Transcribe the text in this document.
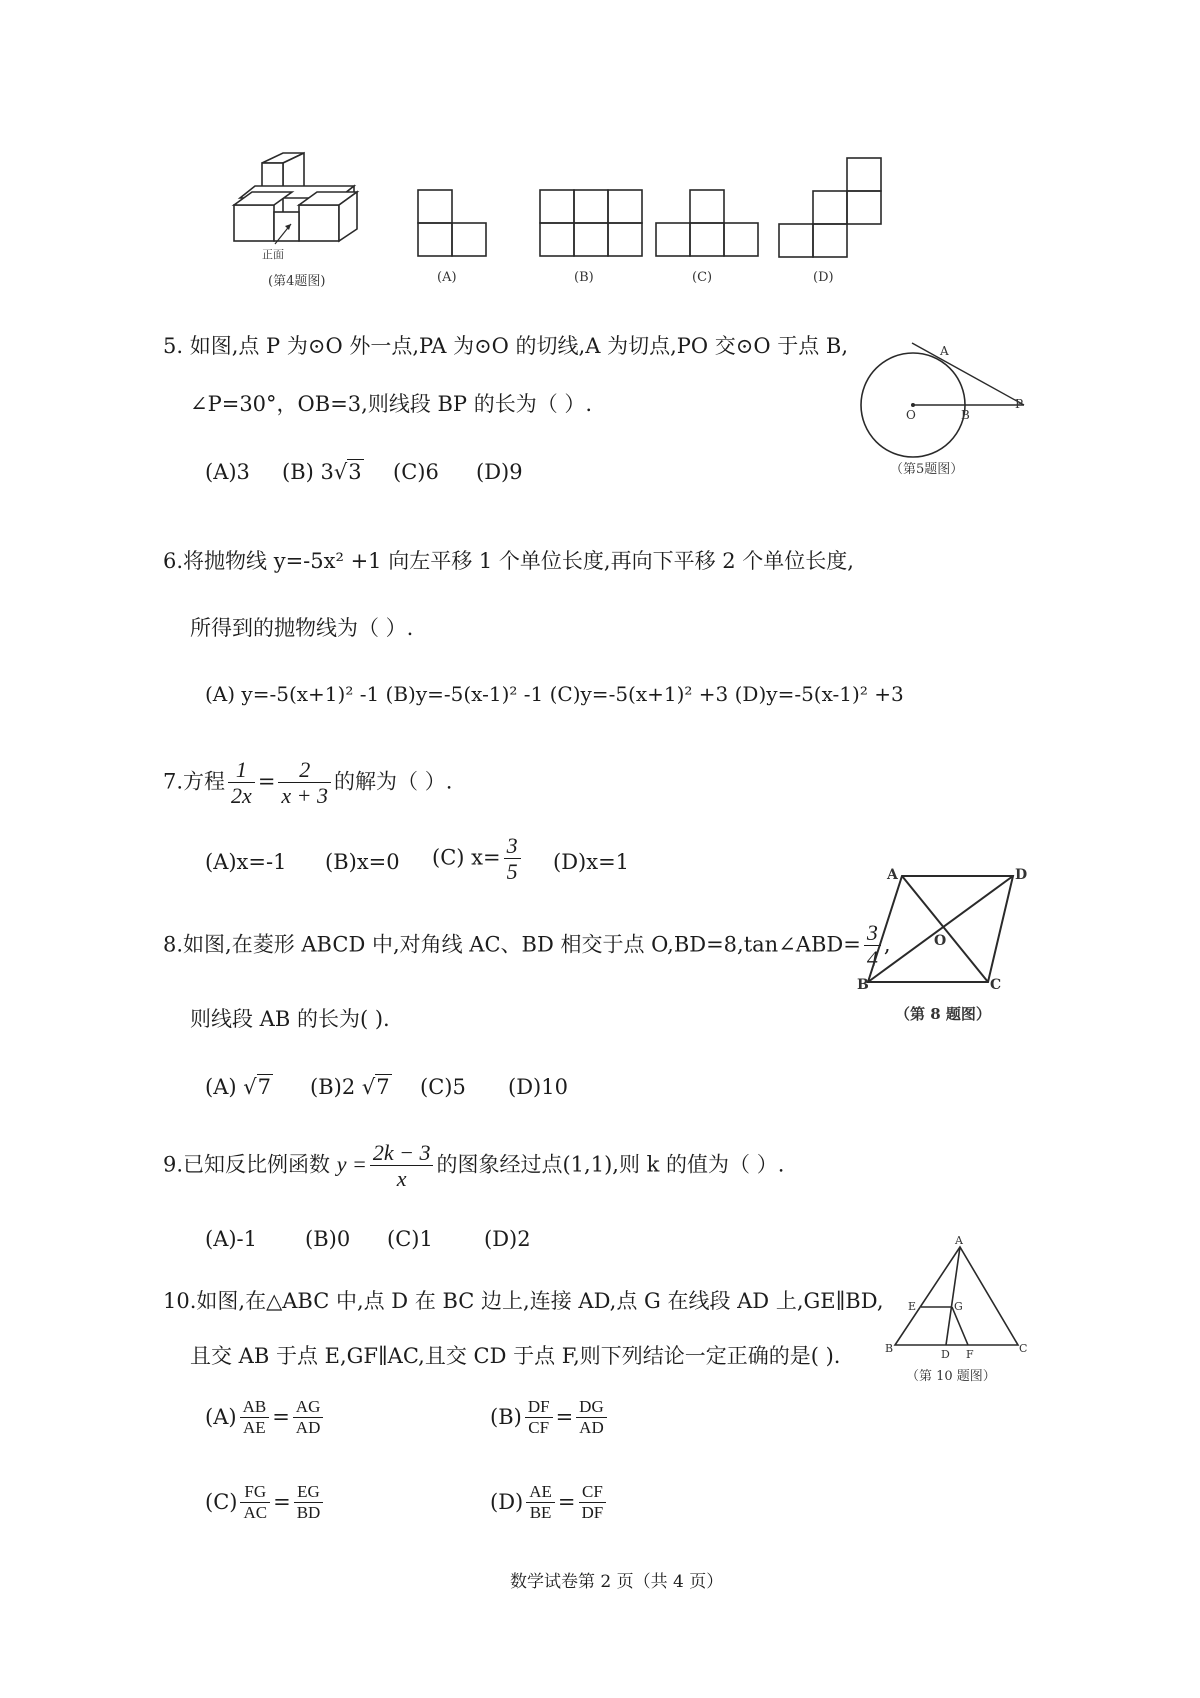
正面
(第4题图)	(A)	(B)	(C)	(D)
5. 如图,点 P 为⊙O 外一点,PA 为⊙O 的切线,A 为切点,PO 交⊙O 于点 B,
∠P=30°，OB=3,则线段 BP 的长为（ ）.
(A)3 (B) 3√3 (C)6 (D)9
A
O	B
P
（第5题图）
6.将抛物线 y=-5x² +1 向左平移 1 个单位长度,再向下平移 2 个单位长度,
所得到的抛物线为（ ）.
(A) y=-5(x+1)² -1 (B)y=-5(x-1)² -1 (C)y=-5(x+1)² +3 (D)y=-5(x-1)² +3
7.方程 $\frac{1}{2x} = \frac{2}{x + 3}$ 的解为（ ）.
(A)x=-1 (B)x=0 (C) $x= \frac{3}{5} (D)x=1$
8.如图,在菱形 ABCD 中,对角线 AC、BD 相交于点 O,BD=8,tan∠ABD= $\frac{3}{4}$ ,
则线段 AB 的长为( ).
(A) √7 (B)2 √7 (C)5 (D)10
A	D
O
B	C
（第 8 题图）
9.已知反比例函数 $y = \frac{2k - 3}{x}$ 的图象经过点(1,1),则 k 的值为（ ）.
(A)-1 (B)0 (C)1 (D)2
10.如图,在△ABC 中,点 D 在 BC 边上,连接 AD,点 G 在线段 AD 上,GE∥BD,
且交 AB 于点 E,GF∥AC,且交 CD 于点 F,则下列结论一定正确的是( ).
A
E	G
B	D F	C
（第 10 题图）
$(A) \frac{AB}{AE} = \frac{AG}{AD}$	$(B) \frac{DF}{CF} = \frac{DG}{AD}$
$(C) \frac{FG}{AC} = \frac{EG}{BD}$	$(D) \frac{AE}{BE} = \frac{CF}{DF}$
数学试卷第 2 页（共 4 页）
